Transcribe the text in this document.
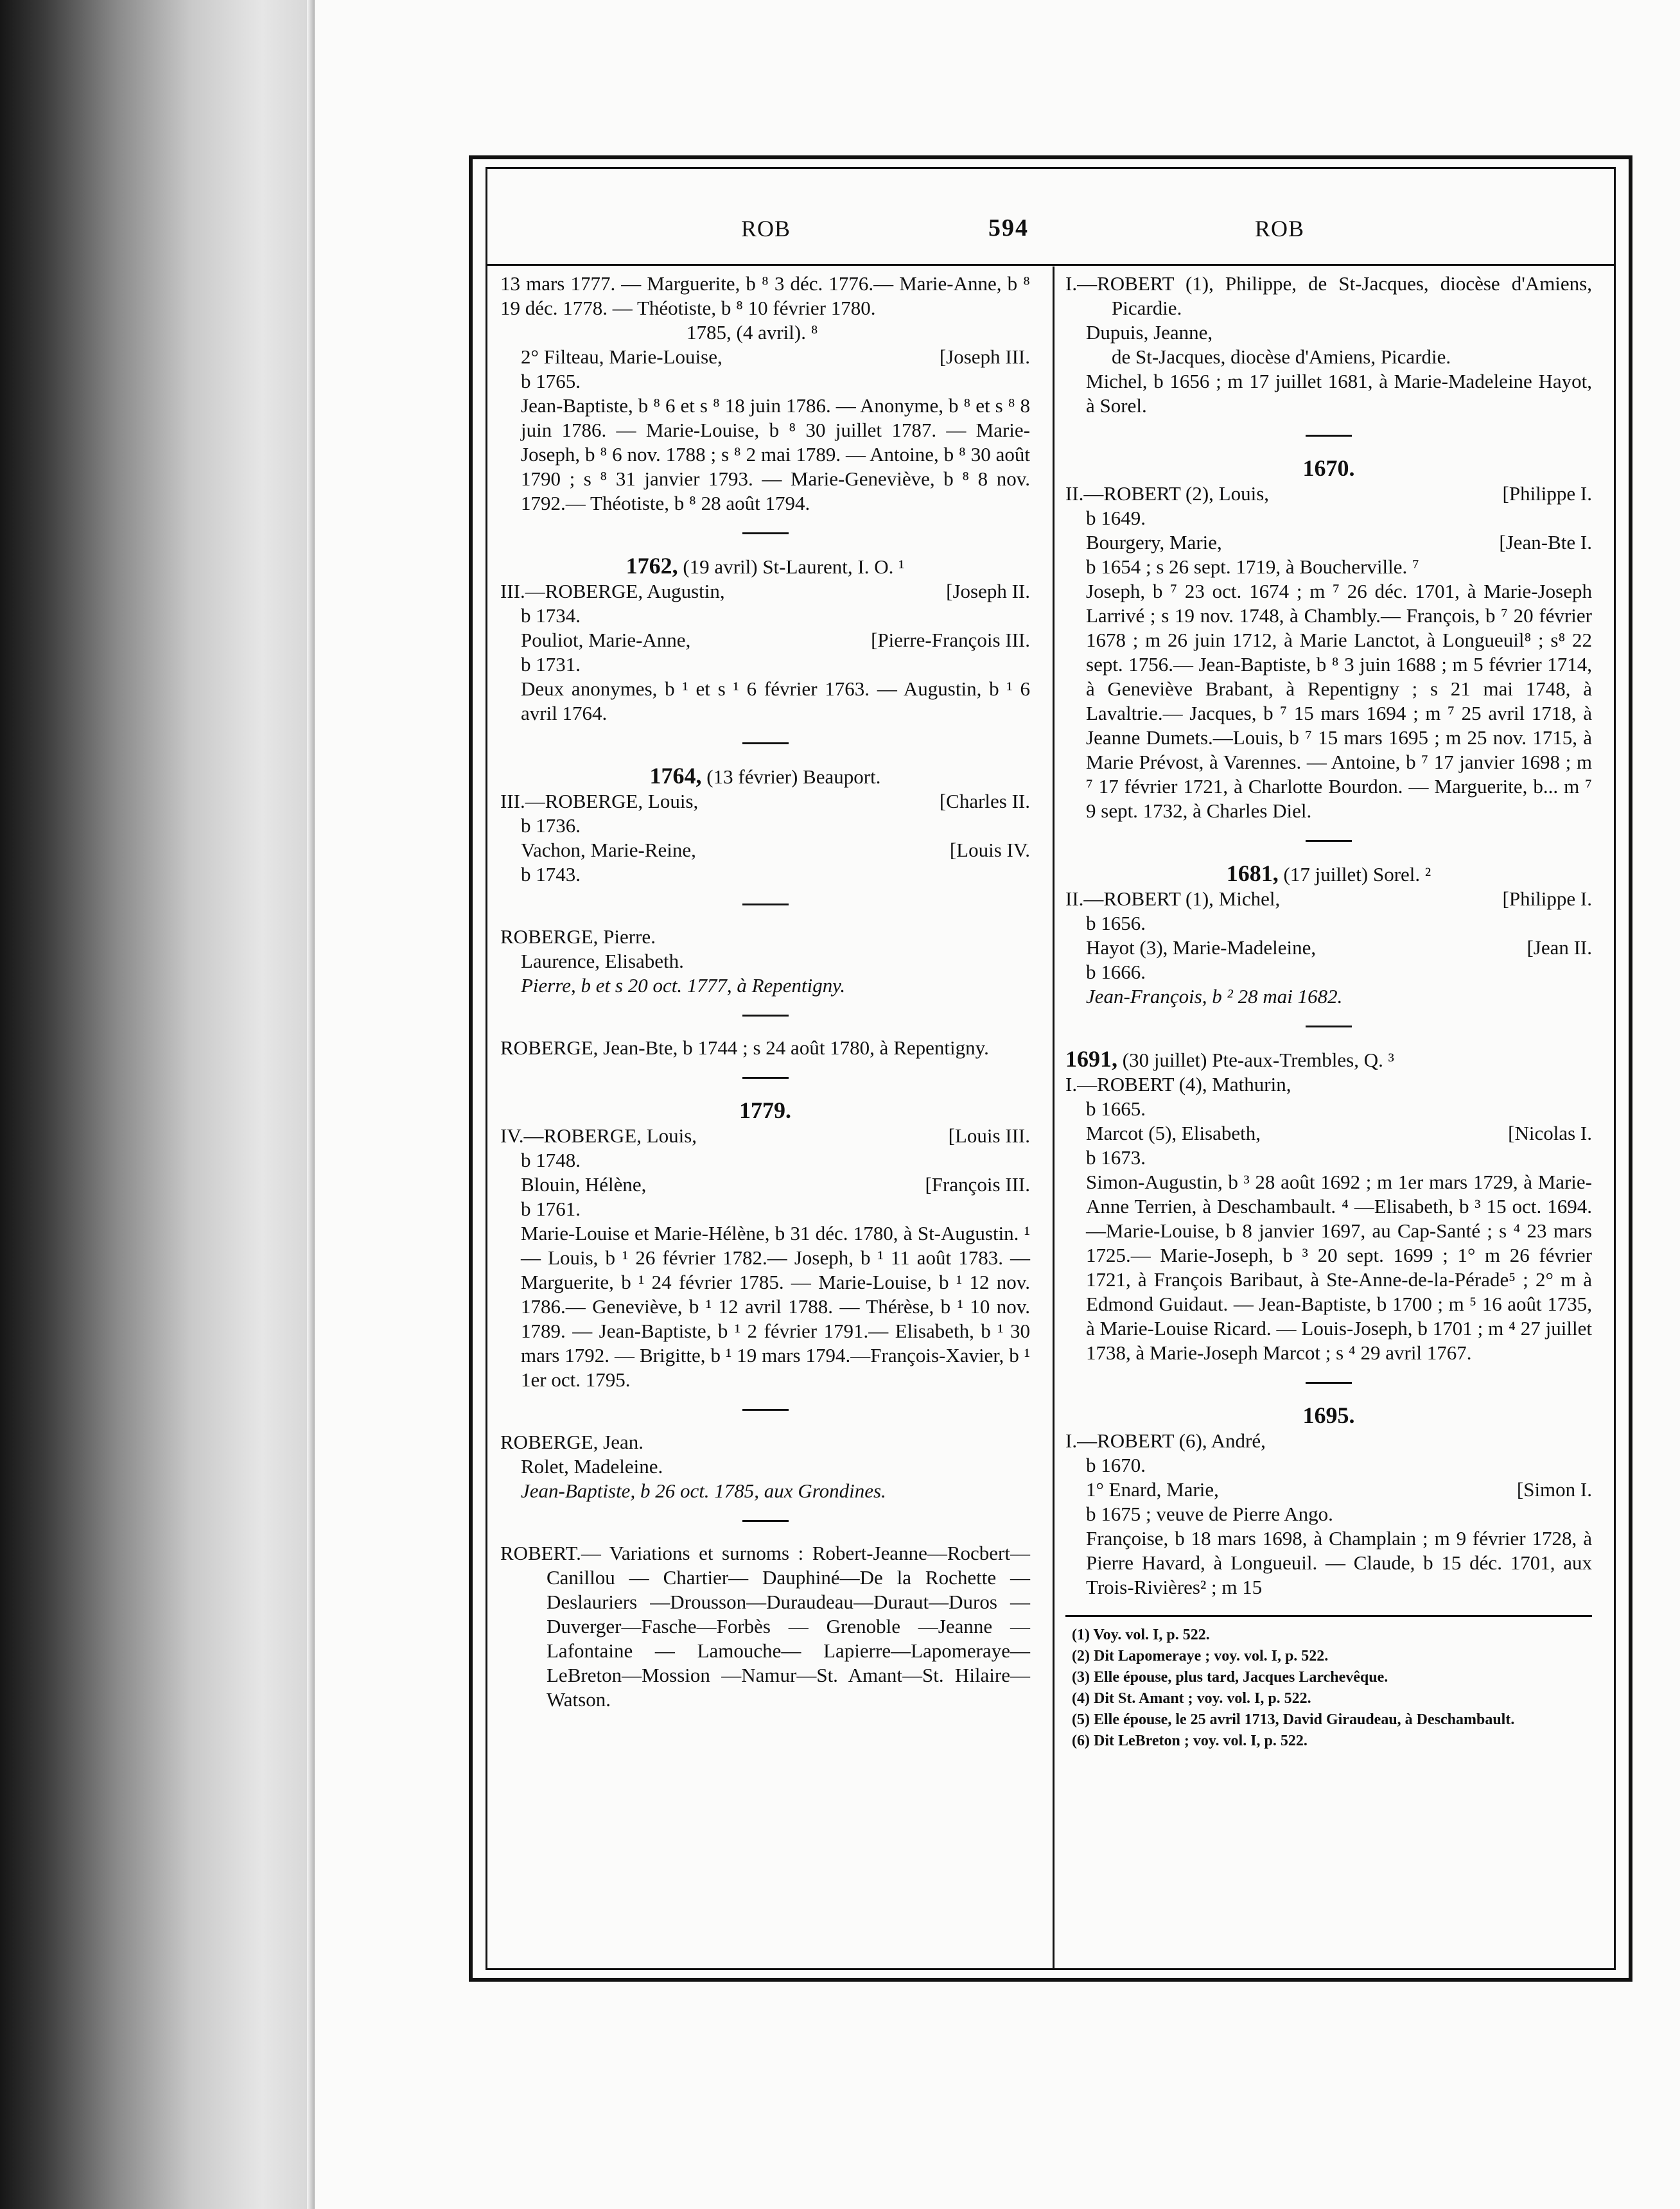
ROB	594	ROB

13 mars 1777. — Marguerite, b ⁸ 3 déc. 1776.— Marie-Anne, b ⁸ 19 déc. 1778. — Théotiste, b ⁸ 10 février 1780.

1785, (4 avril). ⁸

2° Filteau, Marie-Louise,	[Joseph III.

b 1765.

Jean-Baptiste, b ⁸ 6 et s ⁸ 18 juin 1786. — Anonyme, b ⁸ et s ⁸ 8 juin 1786. — Marie-Louise, b ⁸ 30 juillet 1787. — Marie-Joseph, b ⁸ 6 nov. 1788 ; s ⁸ 2 mai 1789. — Antoine, b ⁸ 30 août 1790 ; s ⁸ 31 janvier 1793. — Marie-Geneviève, b ⁸ 8 nov. 1792.— Théotiste, b ⁸ 28 août 1794.

1762, (19 avril) St-Laurent, I. O. ¹

III.—ROBERGE, Augustin,	[Joseph II.

b 1734.

Pouliot, Marie-Anne,	[Pierre-François III.

b 1731.

Deux anonymes, b ¹ et s ¹ 6 février 1763. — Augustin, b ¹ 6 avril 1764.

1764, (13 février) Beauport.

III.—ROBERGE, Louis,	[Charles II.

b 1736.

Vachon, Marie-Reine,	[Louis IV.

b 1743.

ROBERGE, Pierre.

Laurence, Elisabeth.

Pierre, b et s 20 oct. 1777, à Repentigny.

ROBERGE, Jean-Bte, b 1744 ; s 24 août 1780, à Repentigny.

1779.

IV.—ROBERGE, Louis,	[Louis III.

b 1748.

Blouin, Hélène,	[François III.

b 1761.

Marie-Louise et Marie-Hélène, b 31 déc. 1780, à St-Augustin. ¹ — Louis, b ¹ 26 février 1782.— Joseph, b ¹ 11 août 1783. — Marguerite, b ¹ 24 février 1785. — Marie-Louise, b ¹ 12 nov. 1786.— Geneviève, b ¹ 12 avril 1788. — Thérèse, b ¹ 10 nov. 1789. — Jean-Baptiste, b ¹ 2 février 1791.— Elisabeth, b ¹ 30 mars 1792. — Brigitte, b ¹ 19 mars 1794.—François-Xavier, b ¹ 1er oct. 1795.

ROBERGE, Jean.

Rolet, Madeleine.

Jean-Baptiste, b 26 oct. 1785, aux Grondines.

ROBERT.— Variations et surnoms : Robert-Jeanne—Rocbert— Canillou — Chartier— Dauphiné—De la Rochette — Deslauriers —Drousson—Duraudeau—Duraut—Duros —Duverger—Fasche—Forbès — Grenoble —Jeanne — Lafontaine — Lamouche— Lapierre—Lapomeraye—LeBreton—Mossion —Namur—St. Amant—St. Hilaire—Watson.

I.—ROBERT (1), Philippe, de St-Jacques, diocèse d'Amiens, Picardie.

Dupuis, Jeanne,

de St-Jacques, diocèse d'Amiens, Picardie.

Michel, b 1656 ; m 17 juillet 1681, à Marie-Madeleine Hayot, à Sorel.

1670.

II.—ROBERT (2), Louis,	[Philippe I.

b 1649.

Bourgery, Marie,	[Jean-Bte I.

b 1654 ; s 26 sept. 1719, à Boucherville. ⁷

Joseph, b ⁷ 23 oct. 1674 ; m ⁷ 26 déc. 1701, à Marie-Joseph Larrivé ; s 19 nov. 1748, à Chambly.— François, b ⁷ 20 février 1678 ; m 26 juin 1712, à Marie Lanctot, à Longueuil⁸ ; s⁸ 22 sept. 1756.— Jean-Baptiste, b ⁸ 3 juin 1688 ; m 5 février 1714, à Geneviève Brabant, à Repentigny ; s 21 mai 1748, à Lavaltrie.— Jacques, b ⁷ 15 mars 1694 ; m ⁷ 25 avril 1718, à Jeanne Dumets.—Louis, b ⁷ 15 mars 1695 ; m 25 nov. 1715, à Marie Prévost, à Varennes. — Antoine, b ⁷ 17 janvier 1698 ; m ⁷ 17 février 1721, à Charlotte Bourdon. — Marguerite, b... m ⁷ 9 sept. 1732, à Charles Diel.

1681, (17 juillet) Sorel. ²

II.—ROBERT (1), Michel,	[Philippe I.

b 1656.

Hayot (3), Marie-Madeleine,	[Jean II.

b 1666.

Jean-François, b ² 28 mai 1682.

1691, (30 juillet) Pte-aux-Trembles, Q. ³

I.—ROBERT (4), Mathurin,

b 1665.

Marcot (5), Elisabeth,	[Nicolas I.

b 1673.

Simon-Augustin, b ³ 28 août 1692 ; m 1er mars 1729, à Marie-Anne Terrien, à Deschambault. ⁴ —Elisabeth, b ³ 15 oct. 1694.—Marie-Louise, b 8 janvier 1697, au Cap-Santé ; s ⁴ 23 mars 1725.— Marie-Joseph, b ³ 20 sept. 1699 ; 1° m 26 février 1721, à François Baribaut, à Ste-Anne-de-la-Pérade⁵ ; 2° m à Edmond Guidaut. — Jean-Baptiste, b 1700 ; m ⁵ 16 août 1735, à Marie-Louise Ricard. — Louis-Joseph, b 1701 ; m ⁴ 27 juillet 1738, à Marie-Joseph Marcot ; s ⁴ 29 avril 1767.

1695.

I.—ROBERT (6), André,

b 1670.

1° Enard, Marie,	[Simon I.

b 1675 ; veuve de Pierre Ango.

Françoise, b 18 mars 1698, à Champlain ; m 9 février 1728, à Pierre Havard, à Longueuil. — Claude, b 15 déc. 1701, aux Trois-Rivières² ; m 15

(1) Voy. vol. I, p. 522.

(2) Dit Lapomeraye ; voy. vol. I, p. 522.

(3) Elle épouse, plus tard, Jacques Larchevêque.

(4) Dit St. Amant ; voy. vol. I, p. 522.

(5) Elle épouse, le 25 avril 1713, David Giraudeau, à Deschambault.

(6) Dit LeBreton ; voy. vol. I, p. 522.
